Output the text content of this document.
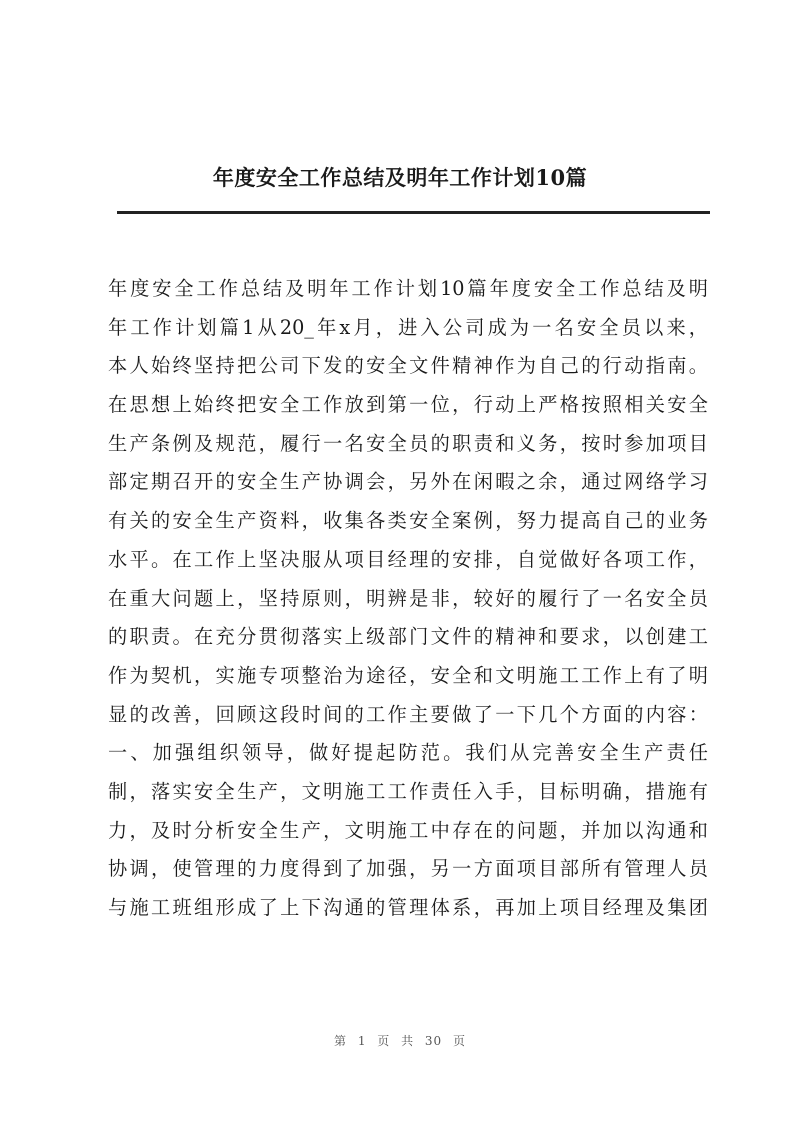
年度安全工作总结及明年工作计划10篇
年度安全工作总结及明年工作计划10篇年度安全工作总结及明
年工作计划篇1从20_年x月，进入公司成为一名安全员以来，
本人始终坚持把公司下发的安全文件精神作为自己的行动指南。
在思想上始终把安全工作放到第一位，行动上严格按照相关安全
生产条例及规范，履行一名安全员的职责和义务，按时参加项目
部定期召开的安全生产协调会，另外在闲暇之余，通过网络学习
有关的安全生产资料，收集各类安全案例，努力提高自己的业务
水平。在工作上坚决服从项目经理的安排，自觉做好各项工作，
在重大问题上，坚持原则，明辨是非，较好的履行了一名安全员
的职责。在充分贯彻落实上级部门文件的精神和要求，以创建工
作为契机，实施专项整治为途径，安全和文明施工工作上有了明
显的改善，回顾这段时间的工作主要做了一下几个方面的内容：
一、加强组织领导，做好提起防范。我们从完善安全生产责任
制，落实安全生产，文明施工工作责任入手，目标明确，措施有
力，及时分析安全生产，文明施工中存在的问题，并加以沟通和
协调，使管理的力度得到了加强，另一方面项目部所有管理人员
与施工班组形成了上下沟通的管理体系，再加上项目经理及集团
第 1 页 共 30 页
